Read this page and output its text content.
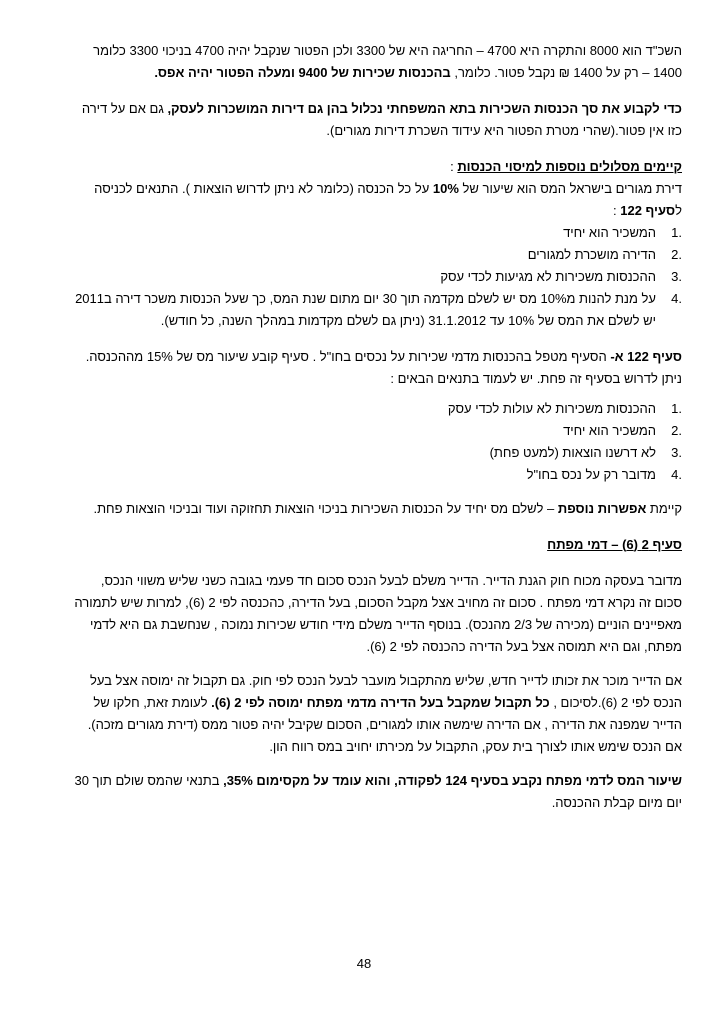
השכ"ד הוא 8000 והתקרה היא 4700 – החריגה היא של 3300 ולכן הפטור שנקבל יהיה 4700 בניכוי 3300 כלומר 1400 – רק על 1400 ₪ נקבל פטור. כלומר, בהכנסות שכירות של 9400 ומעלה הפטור יהיה אפס.

כדי לקבוע את סך הכנסות השכירות בתא המשפחתי נכלול בהן גם דירות המושכרות לעסק, גם אם על דירה כזו אין פטור.(שהרי מטרת הפטור היא עידוד השכרת דירות מגורים).

קיימים מסלולים נוספות למיסוי הכנסות :
דירת מגורים בישראל המס הוא שיעור של 10% על כל הכנסה (כלומר לא ניתן לדרוש הוצאות ). התנאים לכניסה לסעיף 122 :

1.
המשכיר הוא יחיד
2.
הדירה מושכרת למגורים
3.
ההכנסות משכירות לא מגיעות לכדי עסק
4.
על מנת להנות מ10% מס יש לשלם מקדמה תוך 30 יום מתום שנת המס, כך שעל הכנסות משכר דירה ב2011 יש לשלם את המס של 10% עד 31.1.2012 (ניתן גם לשלם מקדמות במהלך השנה, כל חודש).

סעיף 122 א- הסעיף מטפל בהכנסות מדמי שכירות על נכסים בחו"ל . סעיף קובע שיעור מס של 15% מההכנסה. ניתן לדרוש בסעיף זה פחת. יש לעמוד בתנאים הבאים :

1.
ההכנסות משכירות לא עולות לכדי עסק
2.
המשכיר הוא יחיד
3.
לא דרשנו הוצאות (למעט פחת)
4.
מדובר רק על נכס בחו"ל

קיימת אפשרות נוספת – לשלם מס יחיד על הכנסות השכירות בניכוי הוצאות תחזוקה ועוד ובניכוי הוצאות פחת.

סעיף 2 (6) – דמי מפתח

מדובר בעסקה מכוח חוק הגנת הדייר. הדייר משלם לבעל הנכס סכום חד פעמי בגובה כשני שליש משווי הנכס, סכום זה נקרא דמי מפתח . סכום זה מחויב אצל מקבל הסכום, בעל הדירה, כהכנסה לפי 2 (6), למרות שיש לתמורה מאפיינים הוניים (מכירה של 2/3 מהנכס). בנוסף הדייר משלם מידי חודש שכירות נמוכה , שנחשבת גם היא לדמי מפתח, וגם היא תמוסה אצל בעל הדירה כהכנסה לפי 2 (6).

אם הדייר מוכר את זכותו לדייר חדש, שליש מהתקבול מועבר לבעל הנכס לפי חוק. גם תקבול זה ימוסה אצל בעל הנכס לפי 2 (6).לסיכום , כל תקבול שמקבל בעל הדירה מדמי מפתח ימוסה לפי 2 (6). לעומת זאת, חלקו של הדייר שמפנה את הדירה , אם הדירה שימשה אותו למגורים, הסכום שקיבל יהיה פטור ממס (דירת מגורים מזכה). אם הנכס שימש אותו לצורך בית עסק, התקבול על מכירתו יחויב במס רווח הון.

שיעור המס לדמי מפתח נקבע בסעיף 124 לפקודה, והוא עומד על מקסימום 35%, בתנאי שהמס שולם תוך 30 יום מיום קבלת ההכנסה.

48
